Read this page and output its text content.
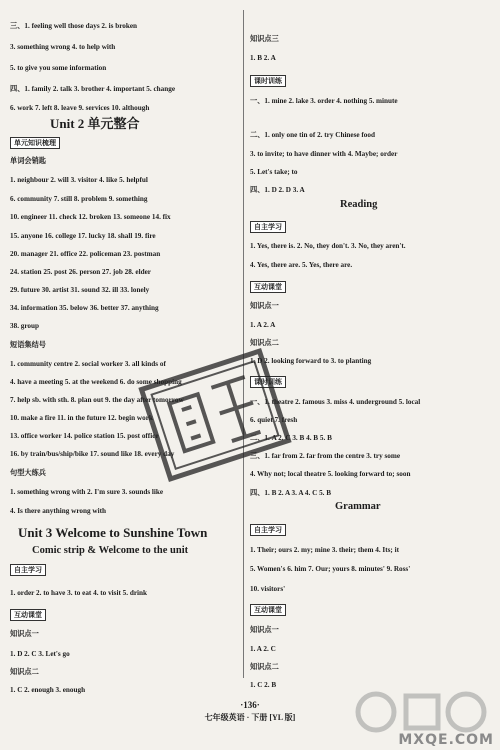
单元知识梳理
Unit 2 单元整合
Unit 3 Welcome to Sunshine Town
Comic strip & Welcome to the unit
三、1. feeling well those days 2. is broken
3. something wrong 4. to help with
5. to give you some information
四、1. family 2. talk 3. brother 4. important 5. change
6. work 7. left 8. leave 9. services 10. although
单词会销匙
1. neighbour 2. will 3. visitor 4. like 5. helpful
6. community 7. still 8. problem 9. something
10. engineer 11. check 12. broken 13. someone 14. fix
15. anyone 16. college 17. lucky 18. shall 19. fire
20. manager 21. office 22. policeman 23. postman
24. station 25. post 26. person 27. job 28. elder
29. future 30. artist 31. sound 32. ill 33. lonely
34. information 35. below 36. better 37. anything
38. group
短语集结号
1. community centre 2. social worker 3. all kinds of
4. have a meeting 5. at the weekend 6. do some shopping
7. help sb. with sth. 8. plan out 9. the day after tomorrow
10. make a fire 11. in the future 12. begin work
13. office worker 14. police station 15. post office
16. by train/bus/ship/bike 17. sound like 18. every day
句型大练兵
1. something wrong with 2. I'm sure 3. sounds like
4. Is there anything wrong with
自主学习
1. order 2. to have 3. to eat 4. to visit 5. drink
互动课堂
知识点一
1. D 2. C 3. Let's go
知识点二
1. C 2. enough 3. enough
Reading
Grammar
知识点三
1. B 2. A
一、1. mine 2. lake 3. order 4. nothing 5. minute
二、1. only one tin of 2. try Chinese food
3. to invite; to have dinner with 4. Maybe; order
5. Let's take; to
四、1. D 2. D 3. A
1. Yes, there is. 2. No, they don't. 3. No, they aren't.
4. Yes, there are. 5. Yes, there are.
知识点一
1. A 2. A
知识点二
1. D 2. looking forward to 3. to planting
一、1. theatre 2. famous 3. miss 4. underground 5. local
6. quiet 7. fresh
二、1. A 2. C 3. B 4. B 5. B
三、1. far from 2. far from the centre 3. try some
4. Why not; local theatre 5. looking forward to; soon
四、1. B 2. A 3. A 4. C 5. B
1. Their; ours 2. my; mine 3. their; them 4. Its; it
5. Women's 6. him 7. Our; yours 8. minutes' 9. Ross'
10. visitors'
知识点一
1. A 2. C
知识点二
1. C 2. B
课时训练
自主学习
互动课堂
课时训练
自主学习
互动课堂
MXQE.COM
·136·
七年级英语 · 下册 [YL 版]
